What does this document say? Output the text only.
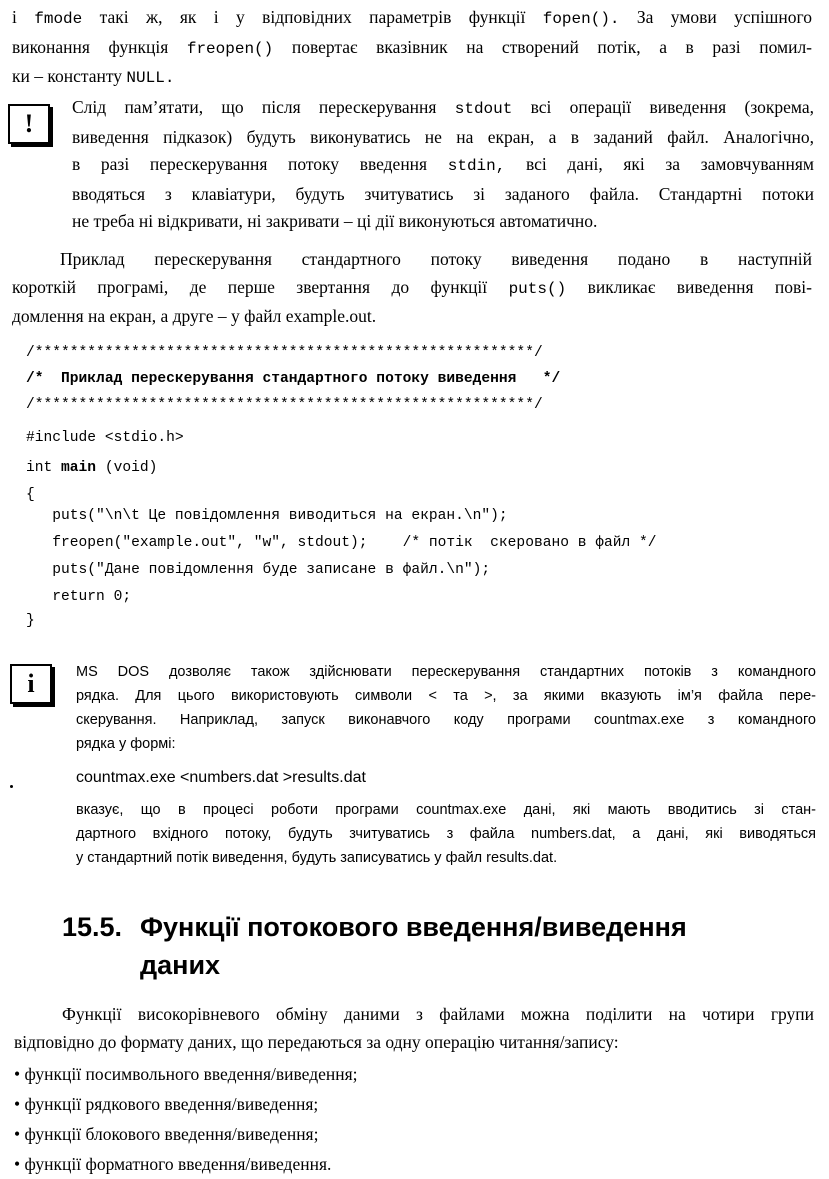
i fmode такі ж, як і у відповідних параметрів функції fopen(). За умови успішного
виконання функція freopen() повертає вказівник на створений потік, а в разі помил-
ки – константу NULL.
!
Слід пам’ятати, що після перескерування stdout всі операції виведення (зокрема,
виведення підказок) будуть виконуватись не на екран, а в заданий файл. Аналогічно,
в разі перескерування потоку введення stdin, всі дані, які за замовчуванням
вводяться з клавіатури, будуть зчитуватись зі заданого файла. Стандартні потоки
не треба ні відкривати, ні закривати – ці дії виконуються автоматично.
Приклад перескерування стандартного потоку виведення подано в наступній
короткій програмі, де перше звертання до функції puts() викликає виведення пові-
домлення на екран, а друге – у файл example.out.

/*********************************************************/

/*  Приклад перескерування стандартного потоку виведення   */

/*********************************************************/

#include <stdio.h>

int main (void)

{

puts("\n\t Це повідомлення виводиться на екран.\n");

freopen("example.out", "w", stdout);    /* потік  скеровано в файл */

puts("Дане повідомлення буде записане в файл.\n");

return 0;

}

i	MS DOS дозволяє також здійснювати перескерування стандартних потоків з командного
рядка. Для цього використовують символи < та >, за якими вказують ім’я файла пере-
скерування. Наприклад, запуск виконавчого коду програми countmax.exe з командного
рядка у формі:
countmax.exe <numbers.dat >results.dat
вказує, що в процесі роботи програми countmax.exe дані, які мають вводитись зі стан-
дартного вхідного потоку, будуть зчитуватись з файла numbers.dat, а дані, які виводяться
у стандартний потік виведення, будуть записуватись у файл results.dat.
15.5. Функції потокового введення/виведення
даних
Функції високорівневого обміну даними з файлами можна поділити на чотири групи
відповідно до формату даних, що передаються за одну операцію читання/запису:
• функції посимвольного введення/виведення;
• функції рядкового введення/виведення;
• функції блокового введення/виведення;
• функції форматного введення/виведення.
